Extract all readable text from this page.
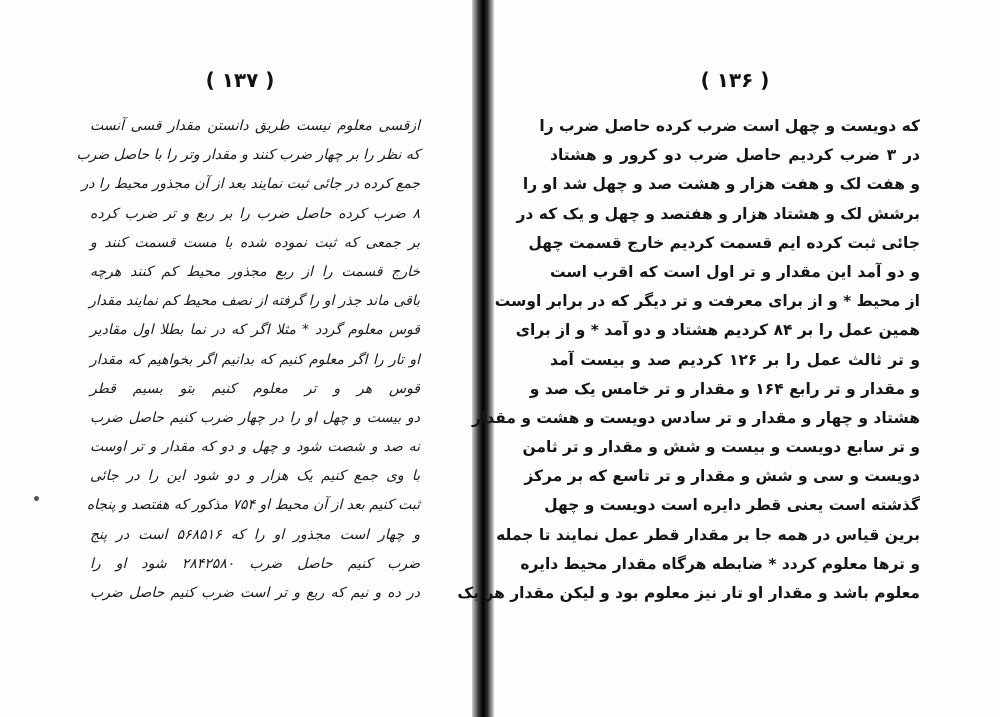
( ۱۳۷ )
ازقسی معلوم نیست طریق دانستن مقدار قسی آنست
که نظر را بر چهار ضرب کنند و مقدار وتر را با حاصل ضرب
جمع کرده در جائی ثبت نمایند بعد از آن مجذور محیط را در
۸ ضرب کرده حاصل ضرب را بر ربع و تر ضرب کرده
بر جمعی که ثبت نموده شده با مست قسمت کنند و
خارج قسمت را از ربع مجذور محیط کم کنند هرچه
باقی ماند جذر او را گرفته از نصف محیط کم نمایند مقدار
قوس معلوم گردد * مثلا اگر که در نما بطلا اول مقادیر
او تار را اگر معلوم کنیم که بدانیم اگر بخواهیم که مقدار
قوس هر و تر معلوم کنیم بتو بسیم قطر
دو بیست و چهل او را در چهار ضرب کنیم حاصل ضرب
نه صد و شصت شود و چهل و دو که مقدار و تر اوست
با وی جمع کنیم یک هزار و دو شود این را در جائی
ثبت کنیم بعد از آن محیط او ۷۵۴ مذکور که هفتصد و پنجاه
و چهار است مجذور او را که ۵۶۸۵۱۶ است در پنج
ضرب کنیم حاصل ضرب ۲۸۴۲۵۸۰ شود او را
در ده و نیم که ربع و تر است ضرب کنیم حاصل ضرب
( ۱۳۶ )
که دویست و چهل است ضرب کرده حاصل ضرب را
در ۳ ضرب کردیم حاصل ضرب دو کرور و هشتاد
و هفت لک و هفت هزار و هشت صد و چهل شد او را
برشش لک و هشتاد هزار و هفتصد و چهل و یک که در
جائی ثبت کرده ایم قسمت کردیم خارج قسمت چهل
و دو آمد این مقدار و تر اول است که اقرب است
از محیط * و از برای معرفت و تر دیگر که در برابر اوست
همین عمل را بر ۸۴ کردیم هشتاد و دو آمد * و از برای
و تر ثالث عمل را بر ۱۲۶ کردیم صد و بیست آمد
و مقدار و تر رابع ۱۶۴ و مقدار و تر خامس یک صد و
هشتاد و چهار و مقدار و تر سادس دویست و هشت و مقدار
و تر سابع دویست و بیست و شش و مقدار و تر ثامن
دویست و سی و شش و مقدار و تر تاسع که بر مرکز
گذشته است یعنی قطر دایره است دویست و چهل
برین قیاس در همه جا بر مقدار قطر عمل نمایند تا جمله
و ترها معلوم کردد * ضابطه هرگاه مقدار محیط دایره
معلوم باشد و مقدار او تار نیز معلوم بود و لیکن مقدار هر یک
